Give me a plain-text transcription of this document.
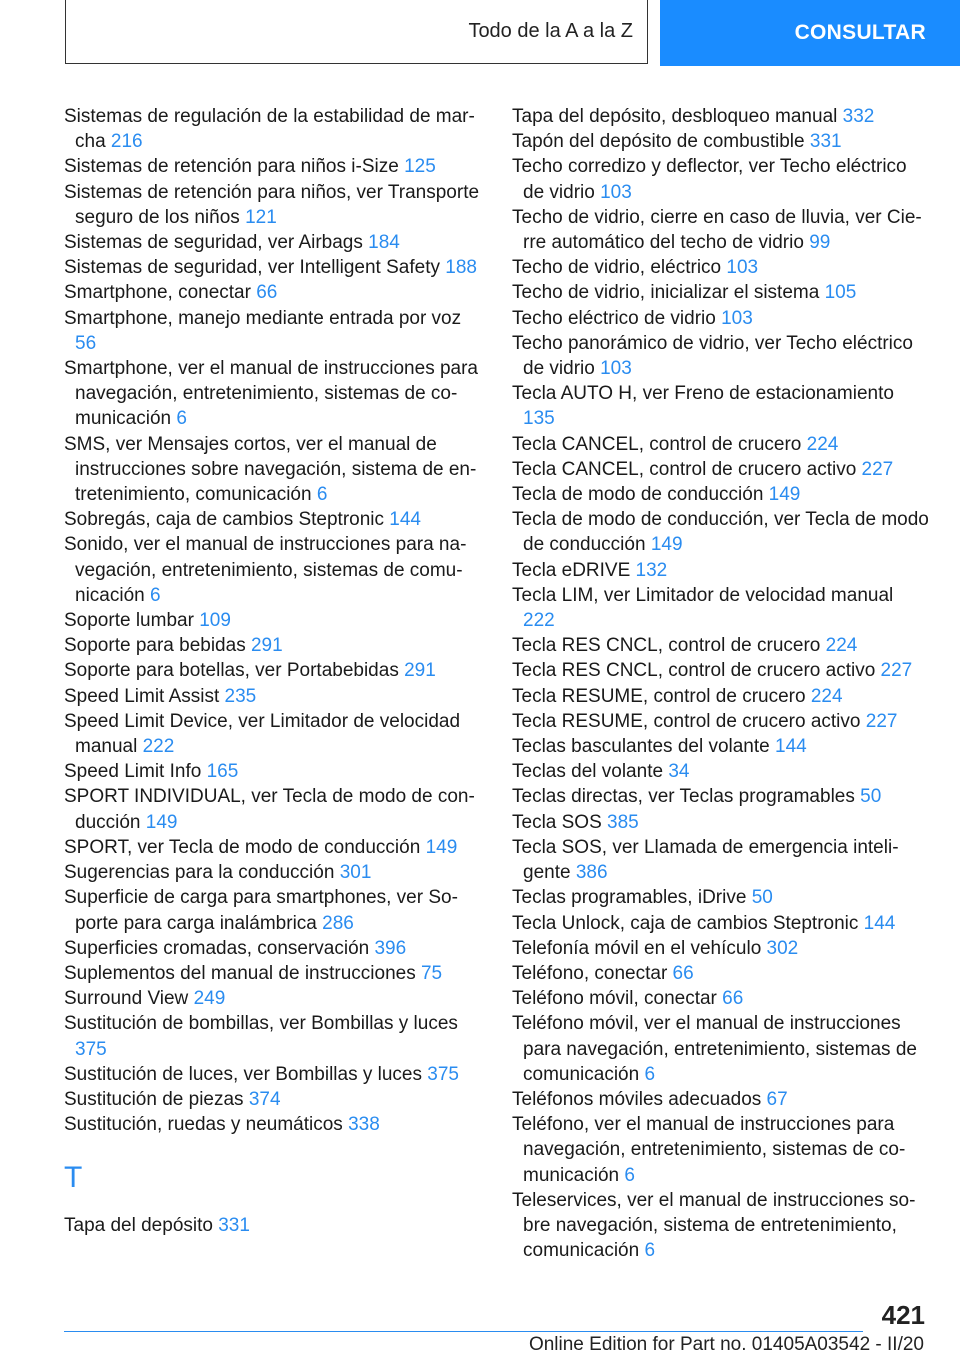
Todo de la A a la Z	CONSULTAR
Sistemas de regulación de la estabilidad de marcha 216
Sistemas de retención para niños i-Size 125
Sistemas de retención para niños, ver Transporte seguro de los niños 121
Sistemas de seguridad, ver Airbags 184
Sistemas de seguridad, ver Intelligent Safety 188
Smartphone, conectar 66
Smartphone, manejo mediante entrada por voz 56
Smartphone, ver el manual de instrucciones para navegación, entretenimiento, sistemas de comunicación 6
SMS, ver Mensajes cortos, ver el manual de instrucciones sobre navegación, sistema de entretenimiento, comunicación 6
Sobregás, caja de cambios Steptronic 144
Sonido, ver el manual de instrucciones para navegación, entretenimiento, sistemas de comunicación 6
Soporte lumbar 109
Soporte para bebidas 291
Soporte para botellas, ver Portabebidas 291
Speed Limit Assist 235
Speed Limit Device, ver Limitador de velocidad manual 222
Speed Limit Info 165
SPORT INDIVIDUAL, ver Tecla de modo de conducción 149
SPORT, ver Tecla de modo de conducción 149
Sugerencias para la conducción 301
Superficie de carga para smartphones, ver Soporte para carga inalámbrica 286
Superficies cromadas, conservación 396
Suplementos del manual de instrucciones 75
Surround View 249
Sustitución de bombillas, ver Bombillas y luces 375
Sustitución de luces, ver Bombillas y luces 375
Sustitución de piezas 374
Sustitución, ruedas y neumáticos 338
T
Tapa del depósito 331
Tapa del depósito, desbloqueo manual 332
Tapón del depósito de combustible 331
Techo corredizo y deflector, ver Techo eléctrico de vidrio 103
Techo de vidrio, cierre en caso de lluvia, ver Cierre automático del techo de vidrio 99
Techo de vidrio, eléctrico 103
Techo de vidrio, inicializar el sistema 105
Techo eléctrico de vidrio 103
Techo panorámico de vidrio, ver Techo eléctrico de vidrio 103
Tecla AUTO H, ver Freno de estacionamiento 135
Tecla CANCEL, control de crucero 224
Tecla CANCEL, control de crucero activo 227
Tecla de modo de conducción 149
Tecla de modo de conducción, ver Tecla de modo de conducción 149
Tecla eDRIVE 132
Tecla LIM, ver Limitador de velocidad manual 222
Tecla RES CNCL, control de crucero 224
Tecla RES CNCL, control de crucero activo 227
Tecla RESUME, control de crucero 224
Tecla RESUME, control de crucero activo 227
Teclas basculantes del volante 144
Teclas del volante 34
Teclas directas, ver Teclas programables 50
Tecla SOS 385
Tecla SOS, ver Llamada de emergencia inteligente 386
Teclas programables, iDrive 50
Tecla Unlock, caja de cambios Steptronic 144
Telefonía móvil en el vehículo 302
Teléfono, conectar 66
Teléfono móvil, conectar 66
Teléfono móvil, ver el manual de instrucciones para navegación, entretenimiento, sistemas de comunicación 6
Teléfonos móviles adecuados 67
Teléfono, ver el manual de instrucciones para navegación, entretenimiento, sistemas de comunicación 6
Teleservices, ver el manual de instrucciones sobre navegación, sistema de entretenimiento, comunicación 6
421
Online Edition for Part no. 01405A03542 - II/20
